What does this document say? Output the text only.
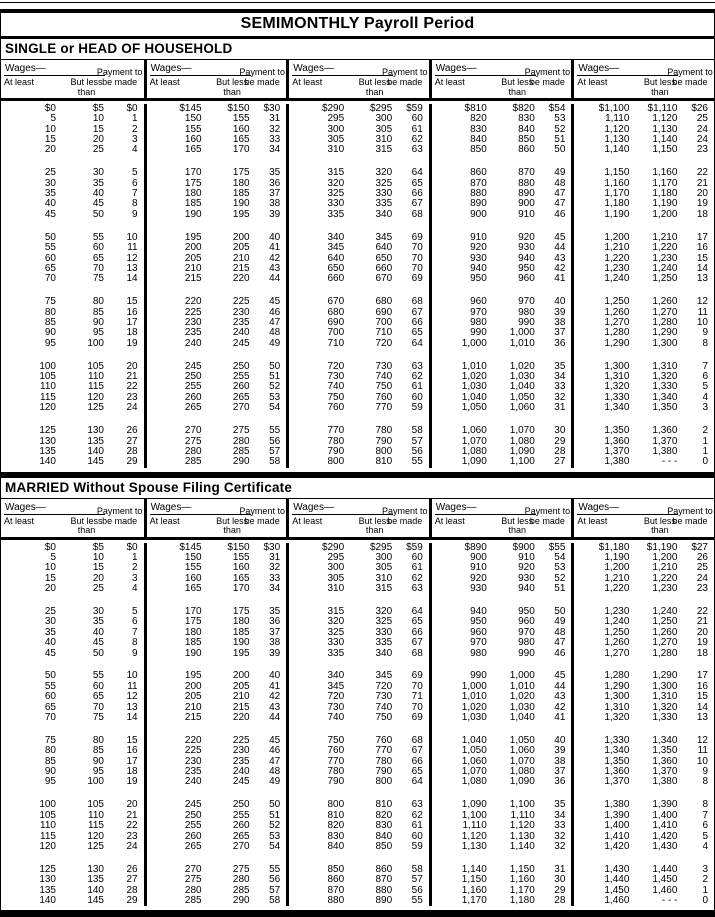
SEMIMONTHLY Payroll Period
SINGLE or HEAD OF HOUSEHOLD
Wages—
At least	But less than
Payment to be made
Wages—
At least	But less than
Payment to be made
Wages—
At least	But less than
Payment to be made
Wages—
At least	But less than
Payment to be made
Wages—
At least	But less than
Payment to be made
$0	$5	$0
5	10	1
10	15	2
15	20	3
20	25	4
25	30	5
30	35	6
35	40	7
40	45	8
45	50	9
50	55	10
55	60	11
60	65	12
65	70	13
70	75	14
75	80	15
80	85	16
85	90	17
90	95	18
95	100	19
100	105	20
105	110	21
110	115	22
115	120	23
120	125	24
125	130	26
130	135	27
135	140	28
140	145	29
$145	$150	$30
150	155	31
155	160	32
160	165	33
165	170	34
170	175	35
175	180	36
180	185	37
185	190	38
190	195	39
195	200	40
200	205	41
205	210	42
210	215	43
215	220	44
220	225	45
225	230	46
230	235	47
235	240	48
240	245	49
245	250	50
250	255	51
255	260	52
260	265	53
265	270	54
270	275	55
275	280	56
280	285	57
285	290	58
$290	$295	$59
295	300	60
300	305	61
305	310	62
310	315	63
315	320	64
320	325	65
325	330	66
330	335	67
335	340	68
340	345	69
345	640	70
640	650	70
650	660	70
660	670	69
670	680	68
680	690	67
690	700	66
700	710	65
710	720	64
720	730	63
730	740	62
740	750	61
750	760	60
760	770	59
770	780	58
780	790	57
790	800	56
800	810	55
$810	$820	$54
820	830	53
830	840	52
840	850	51
850	860	50
860	870	49
870	880	48
880	890	47
890	900	47
900	910	46
910	920	45
920	930	44
930	940	43
940	950	42
950	960	41
960	970	40
970	980	39
980	990	38
990	1,000	37
1,000	1,010	36
1,010	1,020	35
1,020	1,030	34
1,030	1,040	33
1,040	1,050	32
1,050	1,060	31
1,060	1,070	30
1,070	1,080	29
1,080	1,090	28
1,090	1,100	27
$1,100	$1,110	$26
1,110	1,120	25
1,120	1,130	24
1,130	1,140	24
1,140	1,150	23
1,150	1,160	22
1,160	1,170	21
1,170	1,180	20
1,180	1,190	19
1,190	1,200	18
1,200	1,210	17
1,210	1,220	16
1,220	1,230	15
1,230	1,240	14
1,240	1,250	13
1,250	1,260	12
1,260	1,270	11
1,270	1,280	10
1,280	1,290	9
1,290	1,300	8
1,300	1,310	7
1,310	1,320	6
1,320	1,330	5
1,330	1,340	4
1,340	1,350	3
1,350	1,360	2
1,360	1,370	1
1,370	1,380	1
1,380	- - -	0
MARRIED Without Spouse Filing Certificate
Wages—
At least	But less than
Payment to be made
Wages—
At least	But less than
Payment to be made
Wages—
At least	But less than
Payment to be made
Wages—
At least	But less than
Payment to be made
Wages—
At least	But less than
Payment to be made
$0	$5	$0
5	10	1
10	15	2
15	20	3
20	25	4
25	30	5
30	35	6
35	40	7
40	45	8
45	50	9
50	55	10
55	60	11
60	65	12
65	70	13
70	75	14
75	80	15
80	85	16
85	90	17
90	95	18
95	100	19
100	105	20
105	110	21
110	115	22
115	120	23
120	125	24
125	130	26
130	135	27
135	140	28
140	145	29
$145	$150	$30
150	155	31
155	160	32
160	165	33
165	170	34
170	175	35
175	180	36
180	185	37
185	190	38
190	195	39
195	200	40
200	205	41
205	210	42
210	215	43
215	220	44
220	225	45
225	230	46
230	235	47
235	240	48
240	245	49
245	250	50
250	255	51
255	260	52
260	265	53
265	270	54
270	275	55
275	280	56
280	285	57
285	290	58
$290	$295	$59
295	300	60
300	305	61
305	310	62
310	315	63
315	320	64
320	325	65
325	330	66
330	335	67
335	340	68
340	345	69
345	720	70
720	730	71
730	740	70
740	750	69
750	760	68
760	770	67
770	780	66
780	790	65
790	800	64
800	810	63
810	820	62
820	830	61
830	840	60
840	850	59
850	860	58
860	870	57
870	880	56
880	890	55
$890	$900	$55
900	910	54
910	920	53
920	930	52
930	940	51
940	950	50
950	960	49
960	970	48
970	980	47
980	990	46
990	1,000	45
1,000	1,010	44
1,010	1,020	43
1,020	1,030	42
1,030	1,040	41
1,040	1,050	40
1,050	1,060	39
1,060	1,070	38
1,070	1,080	37
1,080	1,090	36
1,090	1,100	35
1,100	1,110	34
1,110	1,120	33
1,120	1,130	32
1,130	1,140	32
1,140	1,150	31
1,150	1,160	30
1,160	1,170	29
1,170	1,180	28
$1,180	$1,190	$27
1,190	1,200	26
1,200	1,210	25
1,210	1,220	24
1,220	1,230	23
1,230	1,240	22
1,240	1,250	21
1,250	1,260	20
1,260	1,270	19
1,270	1,280	18
1,280	1,290	17
1,290	1,300	16
1,300	1,310	15
1,310	1,320	14
1,320	1,330	13
1,330	1,340	12
1,340	1,350	11
1,350	1,360	10
1,360	1,370	9
1,370	1,380	8
1,380	1,390	8
1,390	1,400	7
1,400	1,410	6
1,410	1,420	5
1,420	1,430	4
1,430	1,440	3
1,440	1,450	2
1,450	1,460	1
1,460	- - -	0
